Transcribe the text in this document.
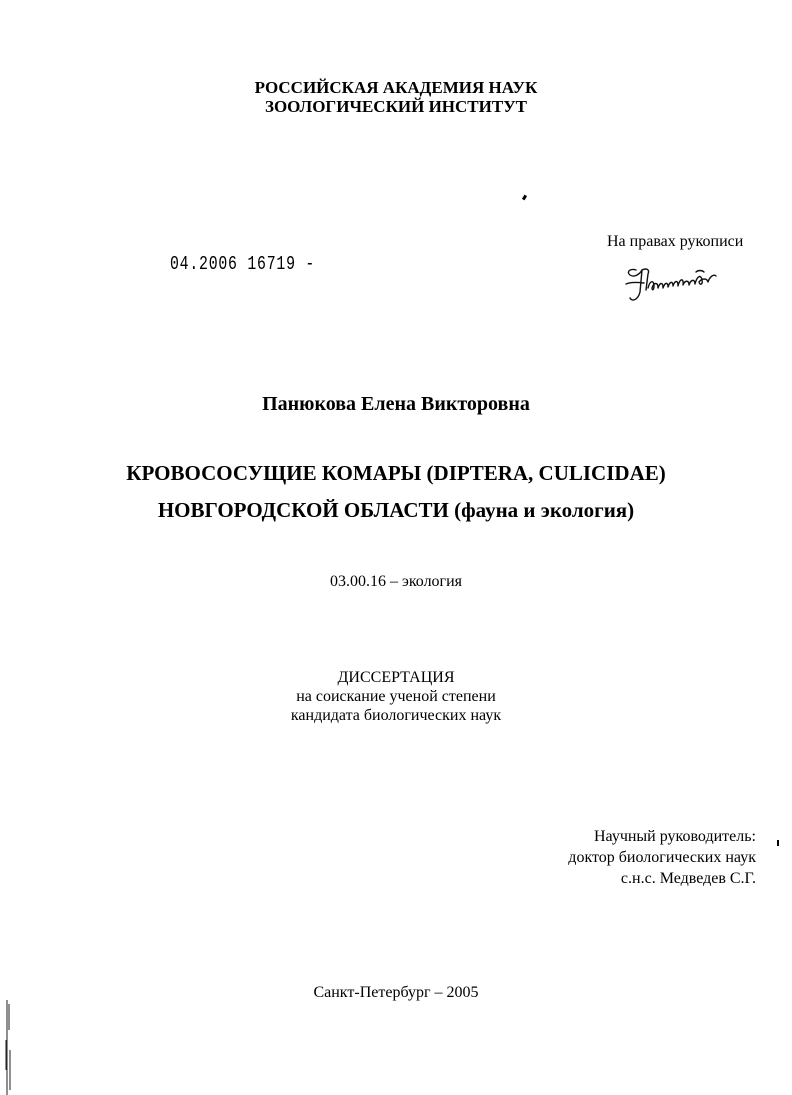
РОССИЙСКАЯ АКАДЕМИЯ НАУК
ЗООЛОГИЧЕСКИЙ ИНСТИТУТ
04.2006 16719 -
На правах рукописи
Панюкова Елена Викторовна
КРОВОСОСУЩИЕ КОМАРЫ (DIPTERA, CULICIDAE)
НОВГОРОДСКОЙ ОБЛАСТИ (фауна и экология)
03.00.16 – экология
ДИССЕРТАЦИЯ
на соискание ученой степени
кандидата биологических наук
Научный руководитель:
доктор биологических наук
с.н.с. Медведев С.Г.
Санкт-Петербург – 2005
